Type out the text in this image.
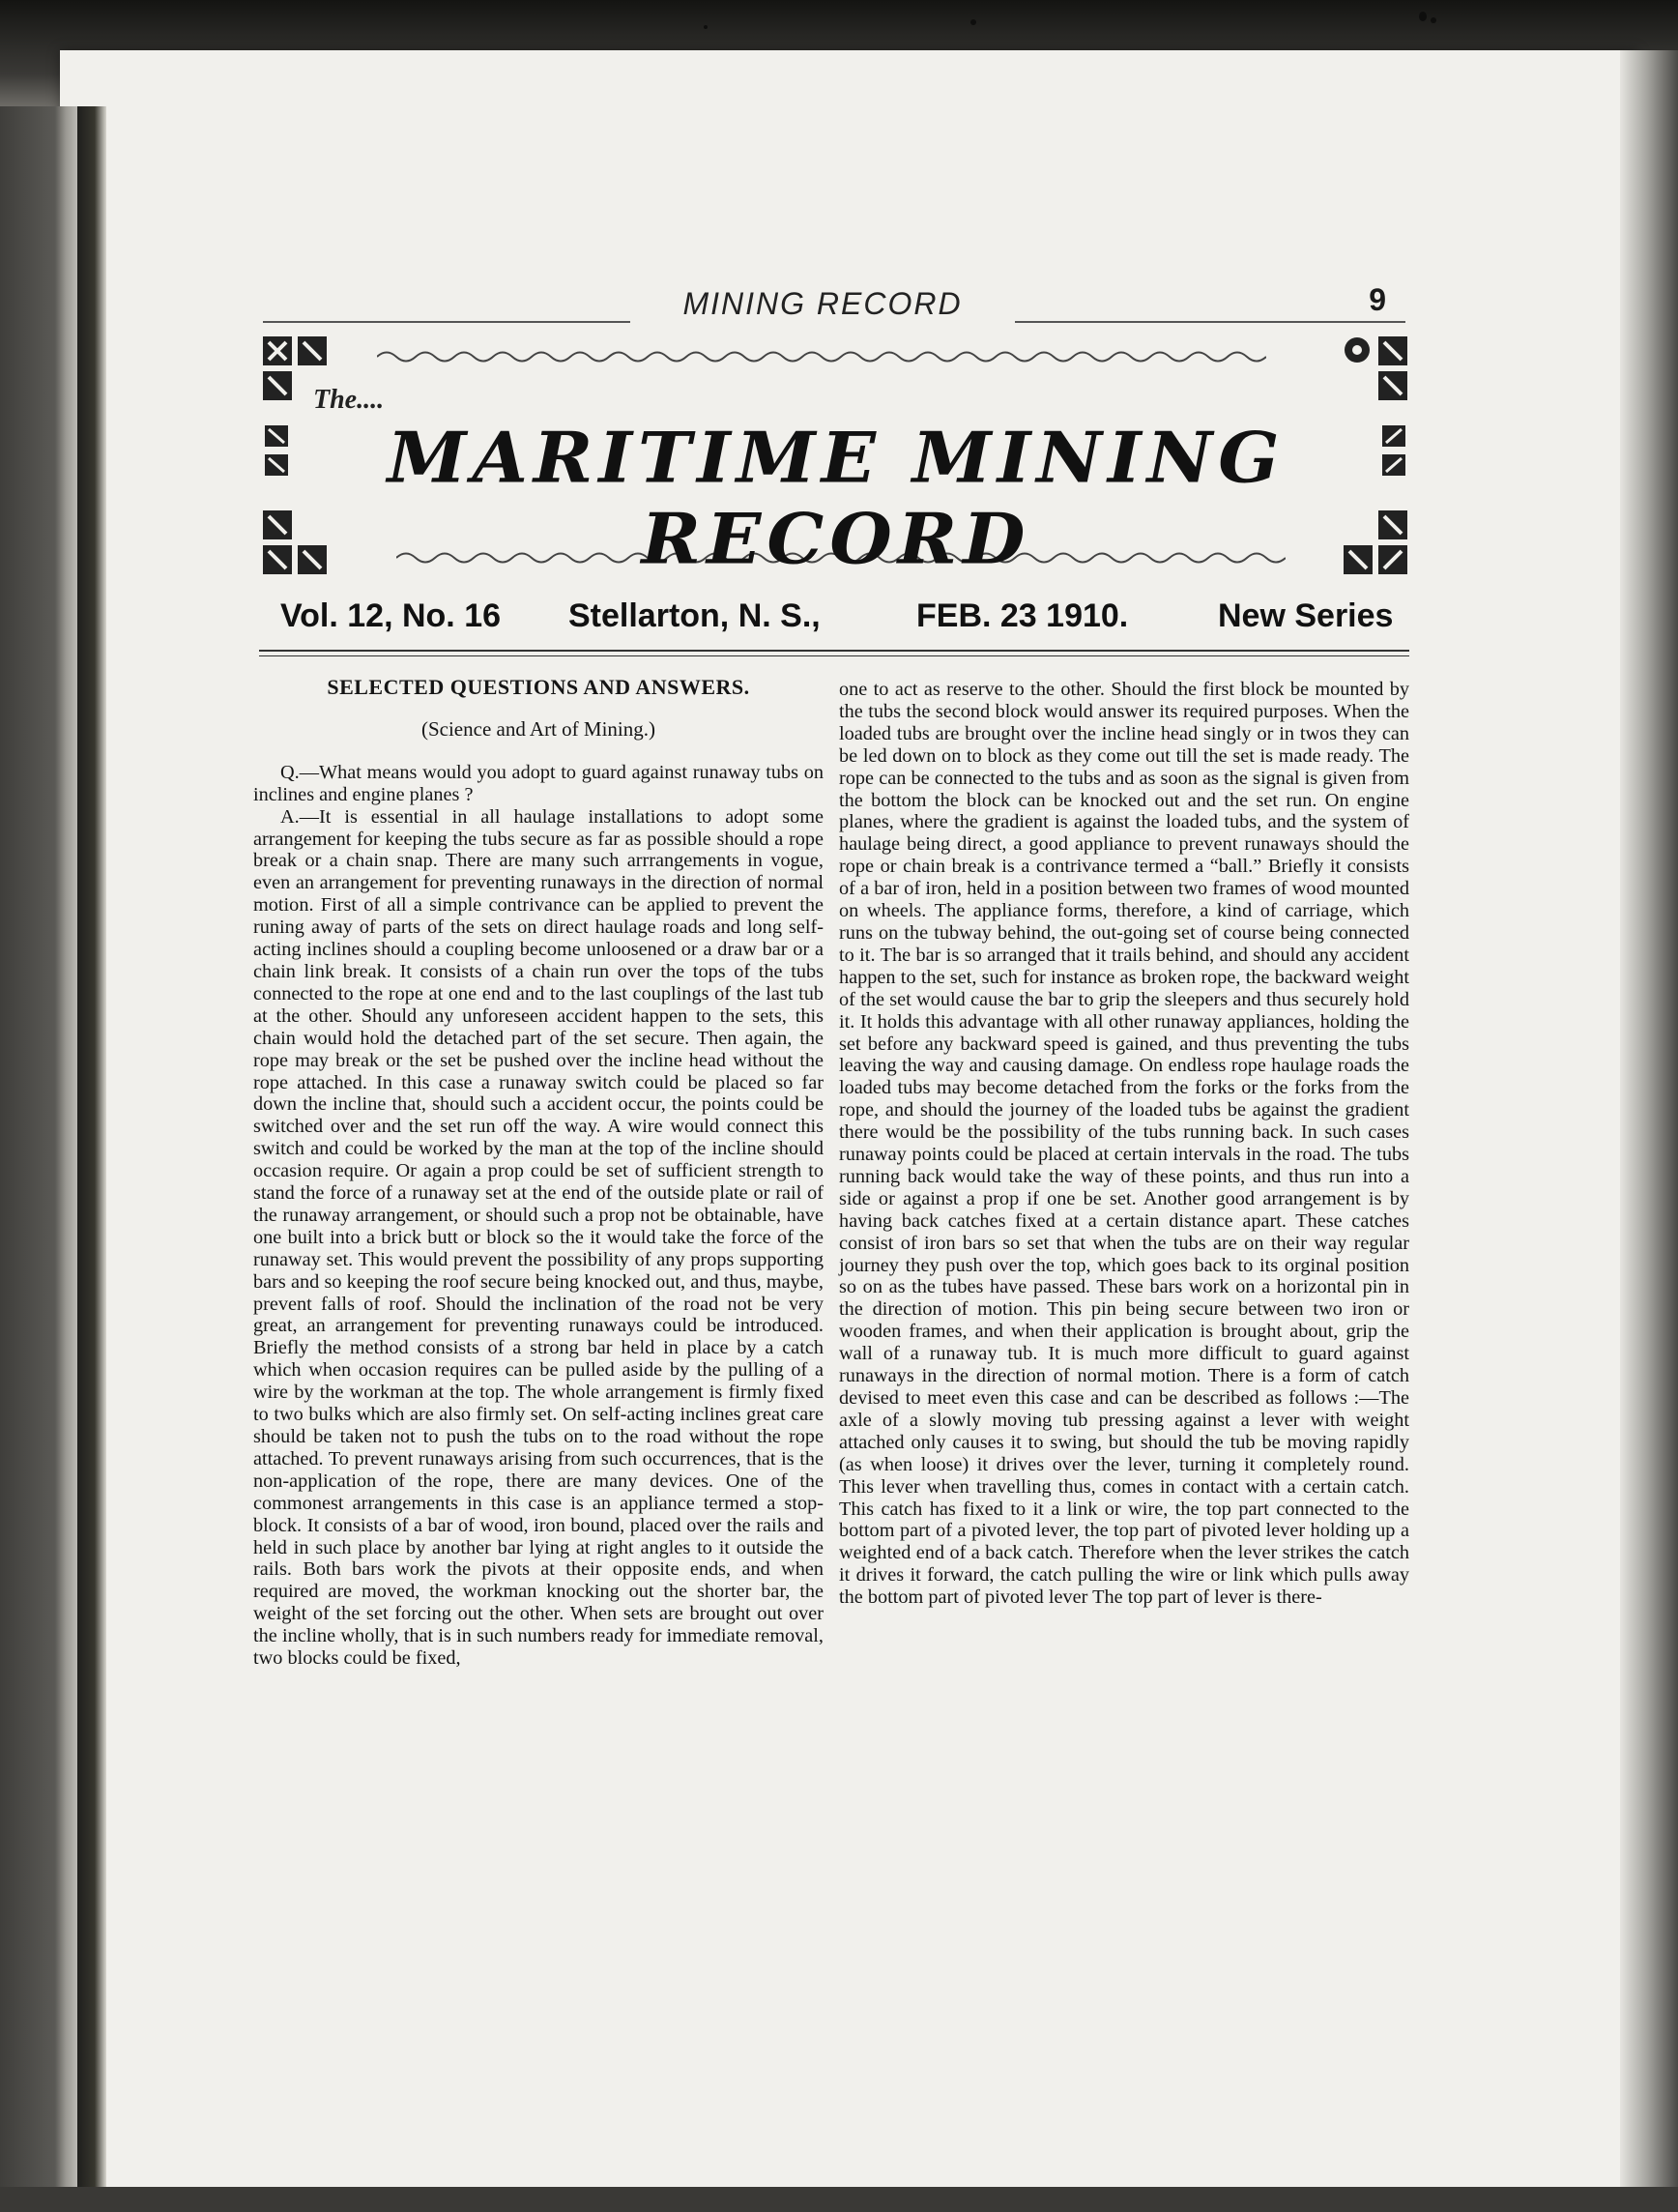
MINING RECORD	9
The....
MARITIME MINING RECORD
Vol. 12, No. 16 Stellarton, N. S.,	FEB. 23 1910.	New Series
SELECTED QUESTIONS AND ANSWERS.
(Science and Art of Mining.)

Q.—What means would you adopt to guard against runaway tubs on inclines and engine planes ?

A.—It is essential in all haulage installations to adopt some arrangement for keeping the tubs secure as far as possible should a rope break or a chain snap. There are many such arrrangements in vogue, even an arrangement for preventing runaways in the direction of normal motion. First of all a simple contrivance can be applied to prevent the runing away of parts of the sets on direct haulage roads and long self-acting inclines should a coupling become unloosened or a draw bar or a chain link break. It consists of a chain run over the tops of the tubs connected to the rope at one end and to the last couplings of the last tub at the other. Should any unforeseen accident happen to the sets, this chain would hold the detached part of the set secure. Then again, the rope may break or the set be pushed over the incline head without the rope attached. In this case a runaway switch could be placed so far down the incline that, should such a accident occur, the points could be switched over and the set run off the way. A wire would connect this switch and could be worked by the man at the top of the incline should occasion require. Or again a prop could be set of sufficient strength to stand the force of a runaway set at the end of the outside plate or rail of the runaway arrangement, or should such a prop not be obtainable, have one built into a brick butt or block so the it would take the force of the runaway set. This would prevent the possibility of any props supporting bars and so keeping the roof secure being knocked out, and thus, maybe, prevent falls of roof. Should the inclination of the road not be very great, an arrangement for preventing runaways could be introduced. Briefly the method consists of a strong bar held in place by a catch which when occasion requires can be pulled aside by the pulling of a wire by the workman at the top. The whole arrangement is firmly fixed to two bulks which are also firmly set. On self-acting inclines great care should be taken not to push the tubs on to the road without the rope attached. To prevent runaways arising from such occurrences, that is the non-application of the rope, there are many devices. One of the commonest arrangements in this case is an appliance termed a stop-block. It consists of a bar of wood, iron bound, placed over the rails and held in such place by another bar lying at right angles to it outside the rails. Both bars work the pivots at their opposite ends, and when required are moved, the workman knocking out the shorter bar, the weight of the set forcing out the other. When sets are brought out over the incline wholly, that is in such numbers ready for immediate removal, two blocks could be fixed,

one to act as reserve to the other. Should the first block be mounted by the tubs the second block would answer its required purposes. When the loaded tubs are brought over the incline head singly or in twos they can be led down on to block as they come out till the set is made ready. The rope can be connected to the tubs and as soon as the signal is given from the bottom the block can be knocked out and the set run. On engine planes, where the gradient is against the loaded tubs, and the system of haulage being direct, a good appliance to prevent runaways should the rope or chain break is a contrivance termed a “ball.” Briefly it consists of a bar of iron, held in a position between two frames of wood mounted on wheels. The appliance forms, therefore, a kind of carriage, which runs on the tubway behind, the out-going set of course being connected to it. The bar is so arranged that it trails behind, and should any accident happen to the set, such for instance as broken rope, the backward weight of the set would cause the bar to grip the sleepers and thus securely hold it. It holds this advantage with all other runaway appliances, holding the set before any backward speed is gained, and thus preventing the tubs leaving the way and causing damage. On endless rope haulage roads the loaded tubs may become detached from the forks or the forks from the rope, and should the journey of the loaded tubs be against the gradient there would be the possibility of the tubs running back. In such cases runaway points could be placed at certain intervals in the road. The tubs running back would take the way of these points, and thus run into a side or against a prop if one be set. Another good arrangement is by having back catches fixed at a certain distance apart. These catches consist of iron bars so set that when the tubs are on their way regular journey they push over the top, which goes back to its orginal position so on as the tubes have passed. These bars work on a horizontal pin in the direction of motion. This pin being secure between two iron or wooden frames, and when their application is brought about, grip the wall of a runaway tub. It is much more difficult to guard against runaways in the direction of normal motion. There is a form of catch devised to meet even this case and can be described as follows :—The axle of a slowly moving tub pressing against a lever with weight attached only causes it to swing, but should the tub be moving rapidly (as when loose) it drives over the lever, turning it completely round. This lever when travelling thus, comes in contact with a certain catch. This catch has fixed to it a link or wire, the top part connected to the bottom part of a pivoted lever, the top part of pivoted lever holding up a weighted end of a back catch. Therefore when the lever strikes the catch it drives it forward, the catch pulling the wire or link which pulls away the bottom part of pivoted lever The top part of lever is there-
